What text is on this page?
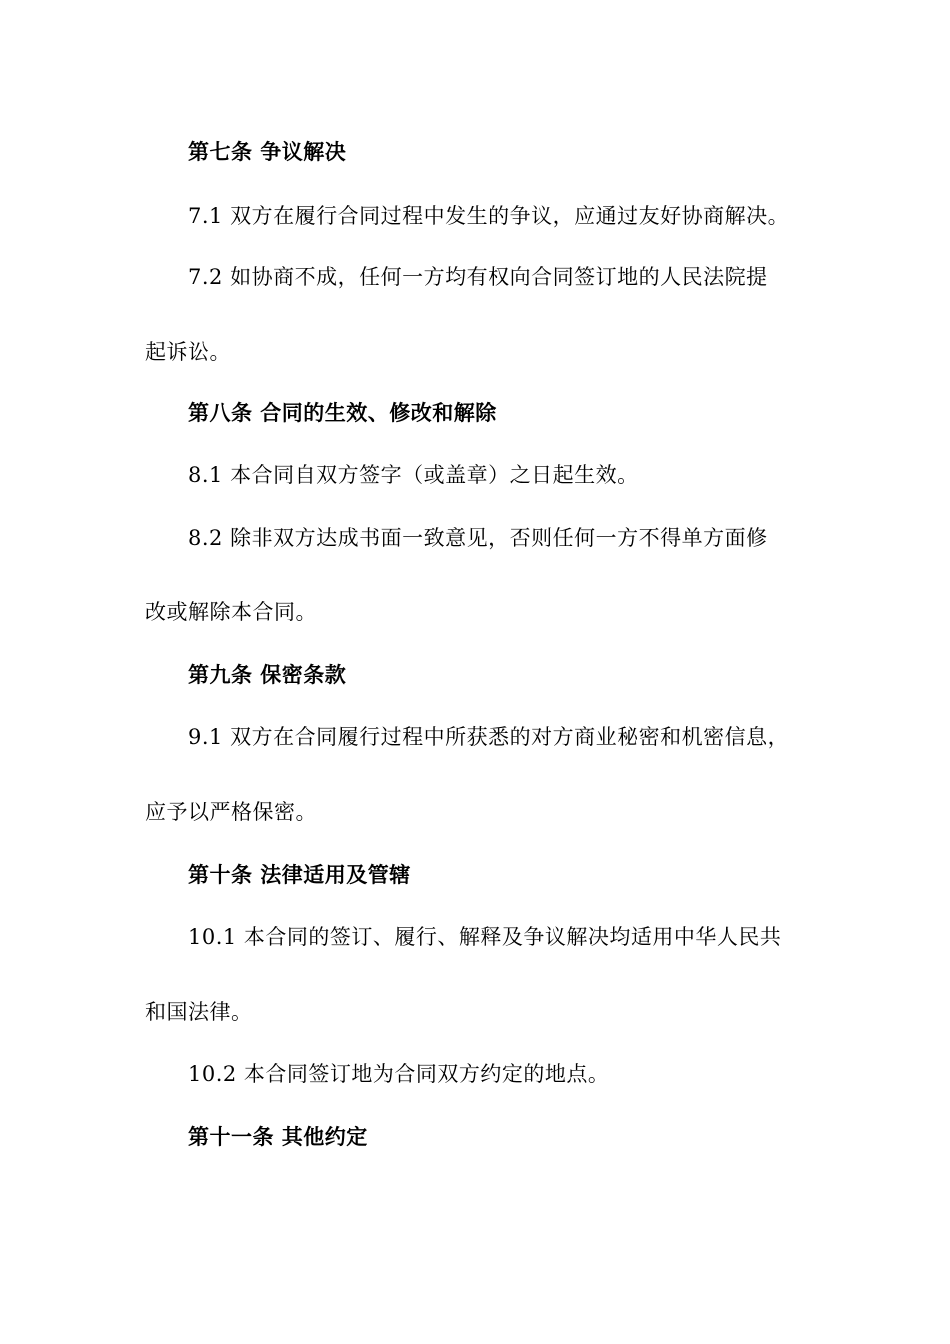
第七条 争议解决
7.1 双方在履行合同过程中发生的争议，应通过友好协商解决。
7.2 如协商不成，任何一方均有权向合同签订地的人民法院提
起诉讼。
第八条 合同的生效、修改和解除
8.1 本合同自双方签字（或盖章）之日起生效。
8.2 除非双方达成书面一致意见，否则任何一方不得单方面修
改或解除本合同。
第九条 保密条款
9.1 双方在合同履行过程中所获悉的对方商业秘密和机密信息，
应予以严格保密。
第十条 法律适用及管辖
10.1 本合同的签订、履行、解释及争议解决均适用中华人民共
和国法律。
10.2 本合同签订地为合同双方约定的地点。
第十一条 其他约定
